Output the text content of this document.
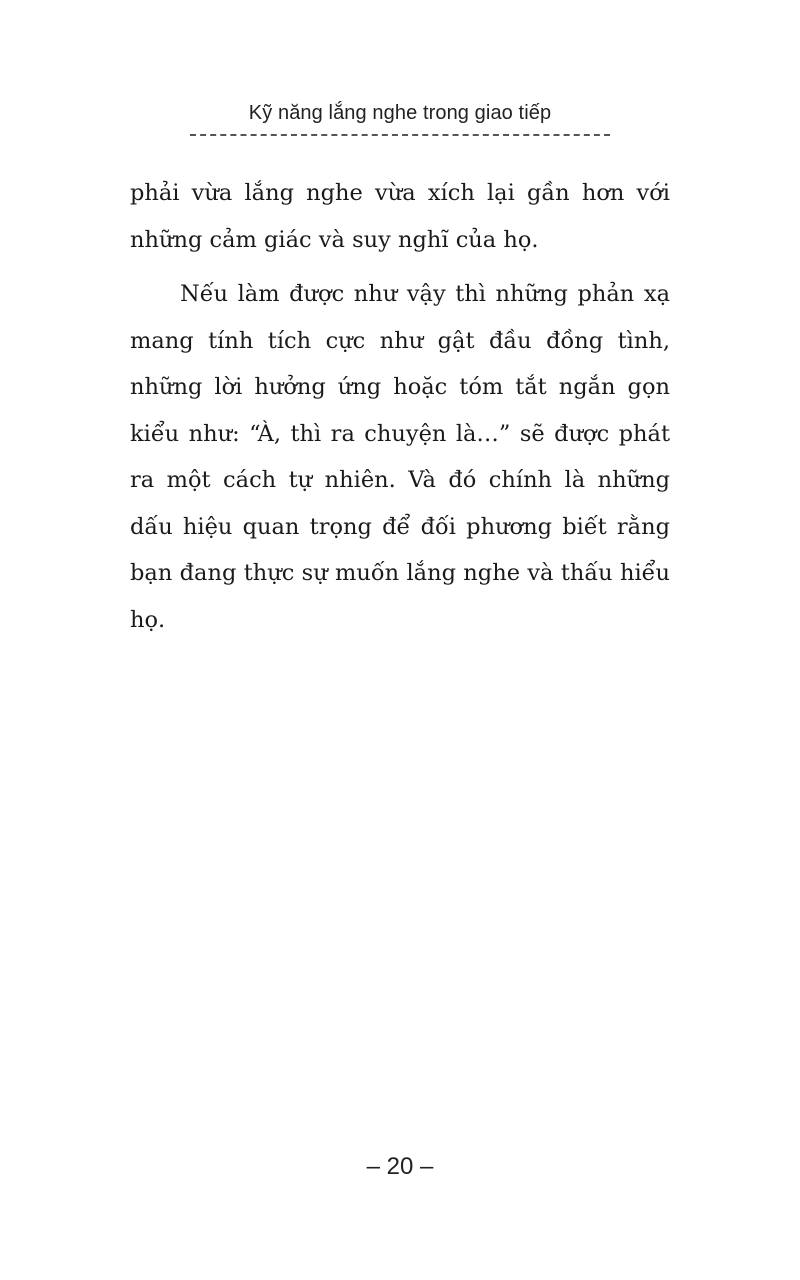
Kỹ năng lắng nghe trong giao tiếp

phải vừa lắng nghe vừa xích lại gần hơn với những cảm giác và suy nghĩ của họ.

Nếu làm được như vậy thì những phản xạ mang tính tích cực như gật đầu đồng tình, những lời hưởng ứng hoặc tóm tắt ngắn gọn kiểu như: “À, thì ra chuyện là…” sẽ được phát ra một cách tự nhiên. Và đó chính là những dấu hiệu quan trọng để đối phương biết rằng bạn đang thực sự muốn lắng nghe và thấu hiểu họ.

– 20 –
